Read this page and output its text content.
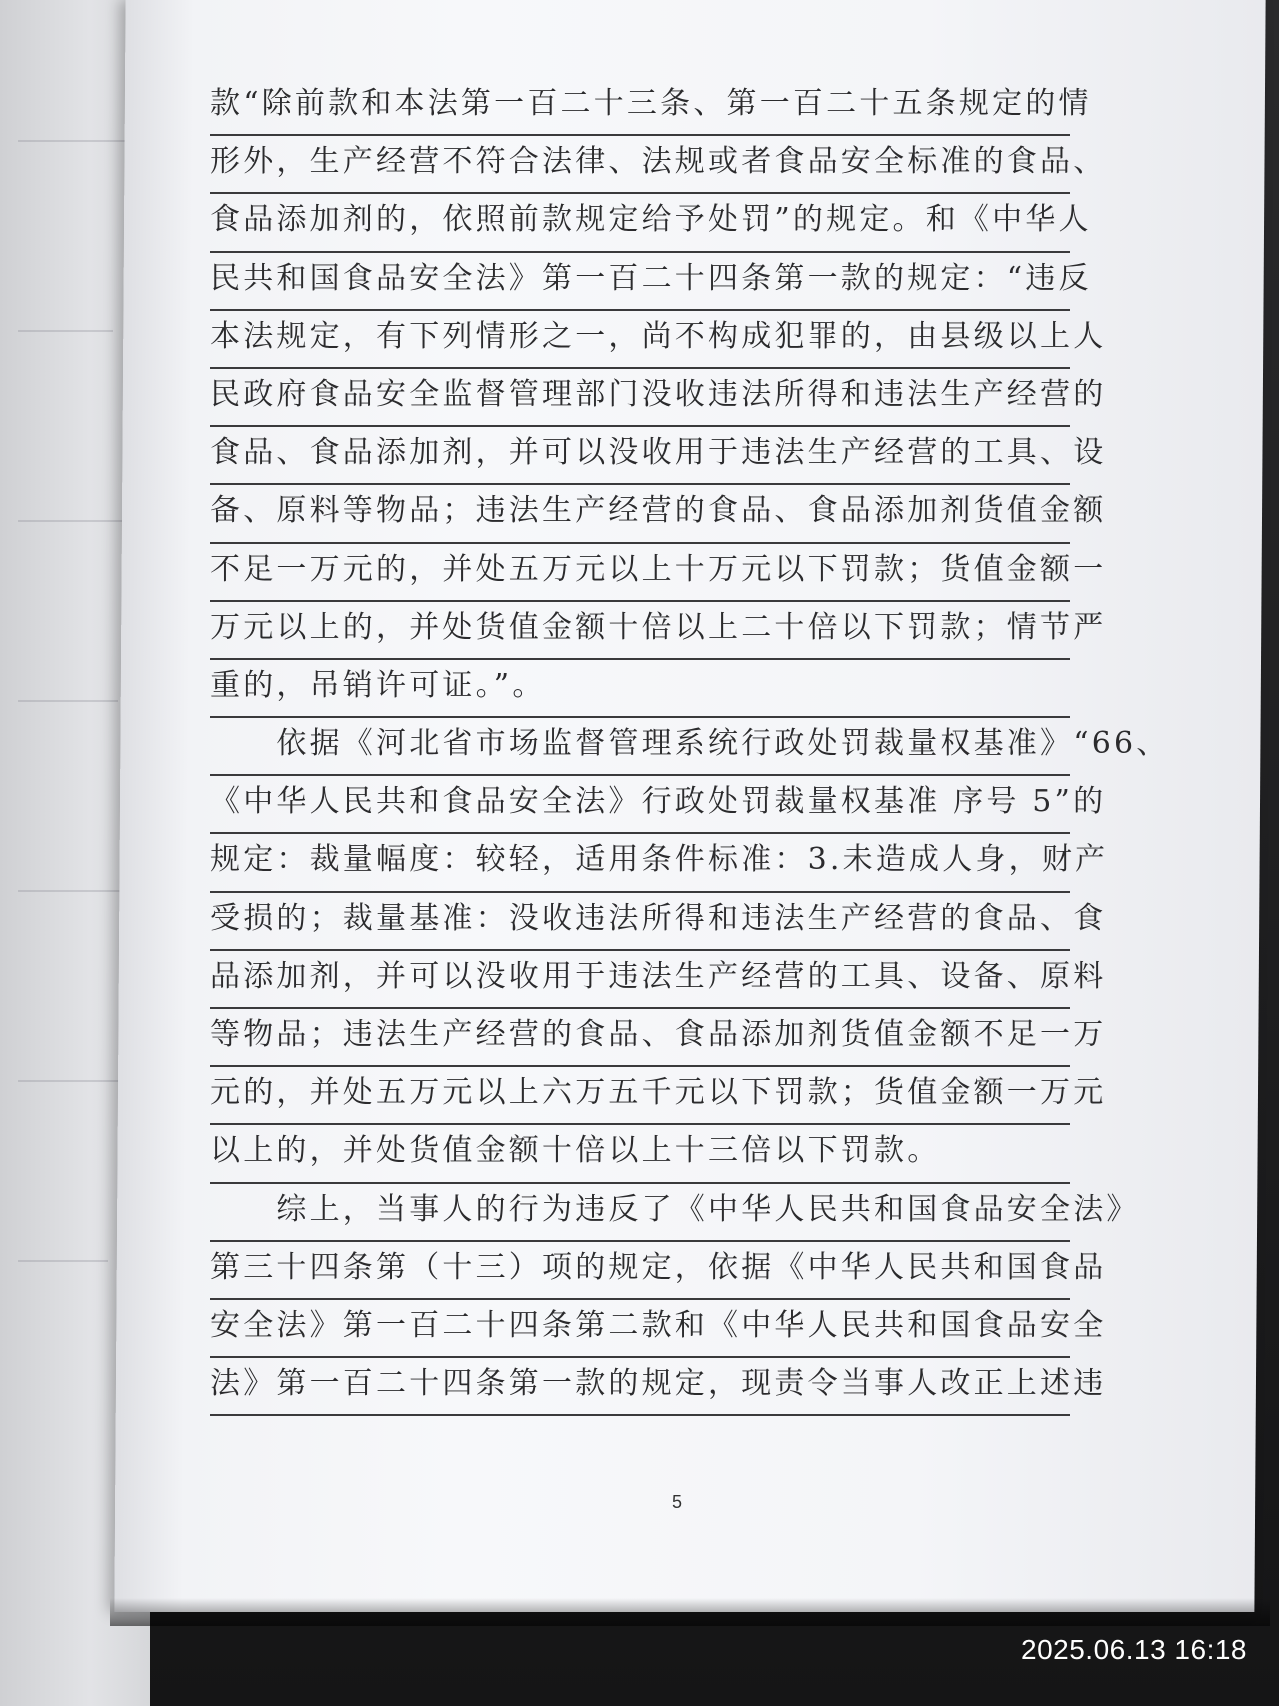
款“除前款和本法第一百二十三条、第一百二十五条规定的情
形外，生产经营不符合法律、法规或者食品安全标准的食品、
食品添加剂的，依照前款规定给予处罚”的规定。和《中华人
民共和国食品安全法》第一百二十四条第一款的规定：“违反
本法规定，有下列情形之一，尚不构成犯罪的，由县级以上人
民政府食品安全监督管理部门没收违法所得和违法生产经营的
食品、食品添加剂，并可以没收用于违法生产经营的工具、设
备、原料等物品；违法生产经营的食品、食品添加剂货值金额
不足一万元的，并处五万元以上十万元以下罚款；货值金额一
万元以上的，并处货值金额十倍以上二十倍以下罚款；情节严
重的，吊销许可证。”。
　　依据《河北省市场监督管理系统行政处罚裁量权基准》“66、
《中华人民共和食品安全法》行政处罚裁量权基准 序号 5”的
规定：裁量幅度：较轻，适用条件标准：3.未造成人身，财产
受损的；裁量基准：没收违法所得和违法生产经营的食品、食
品添加剂，并可以没收用于违法生产经营的工具、设备、原料
等物品；违法生产经营的食品、食品添加剂货值金额不足一万
元的，并处五万元以上六万五千元以下罚款；货值金额一万元
以上的，并处货值金额十倍以上十三倍以下罚款。
　　综上，当事人的行为违反了《中华人民共和国食品安全法》
第三十四条第（十三）项的规定，依据《中华人民共和国食品
安全法》第一百二十四条第二款和《中华人民共和国食品安全
法》第一百二十四条第一款的规定，现责令当事人改正上述违
5
2025.06.13 16:18
